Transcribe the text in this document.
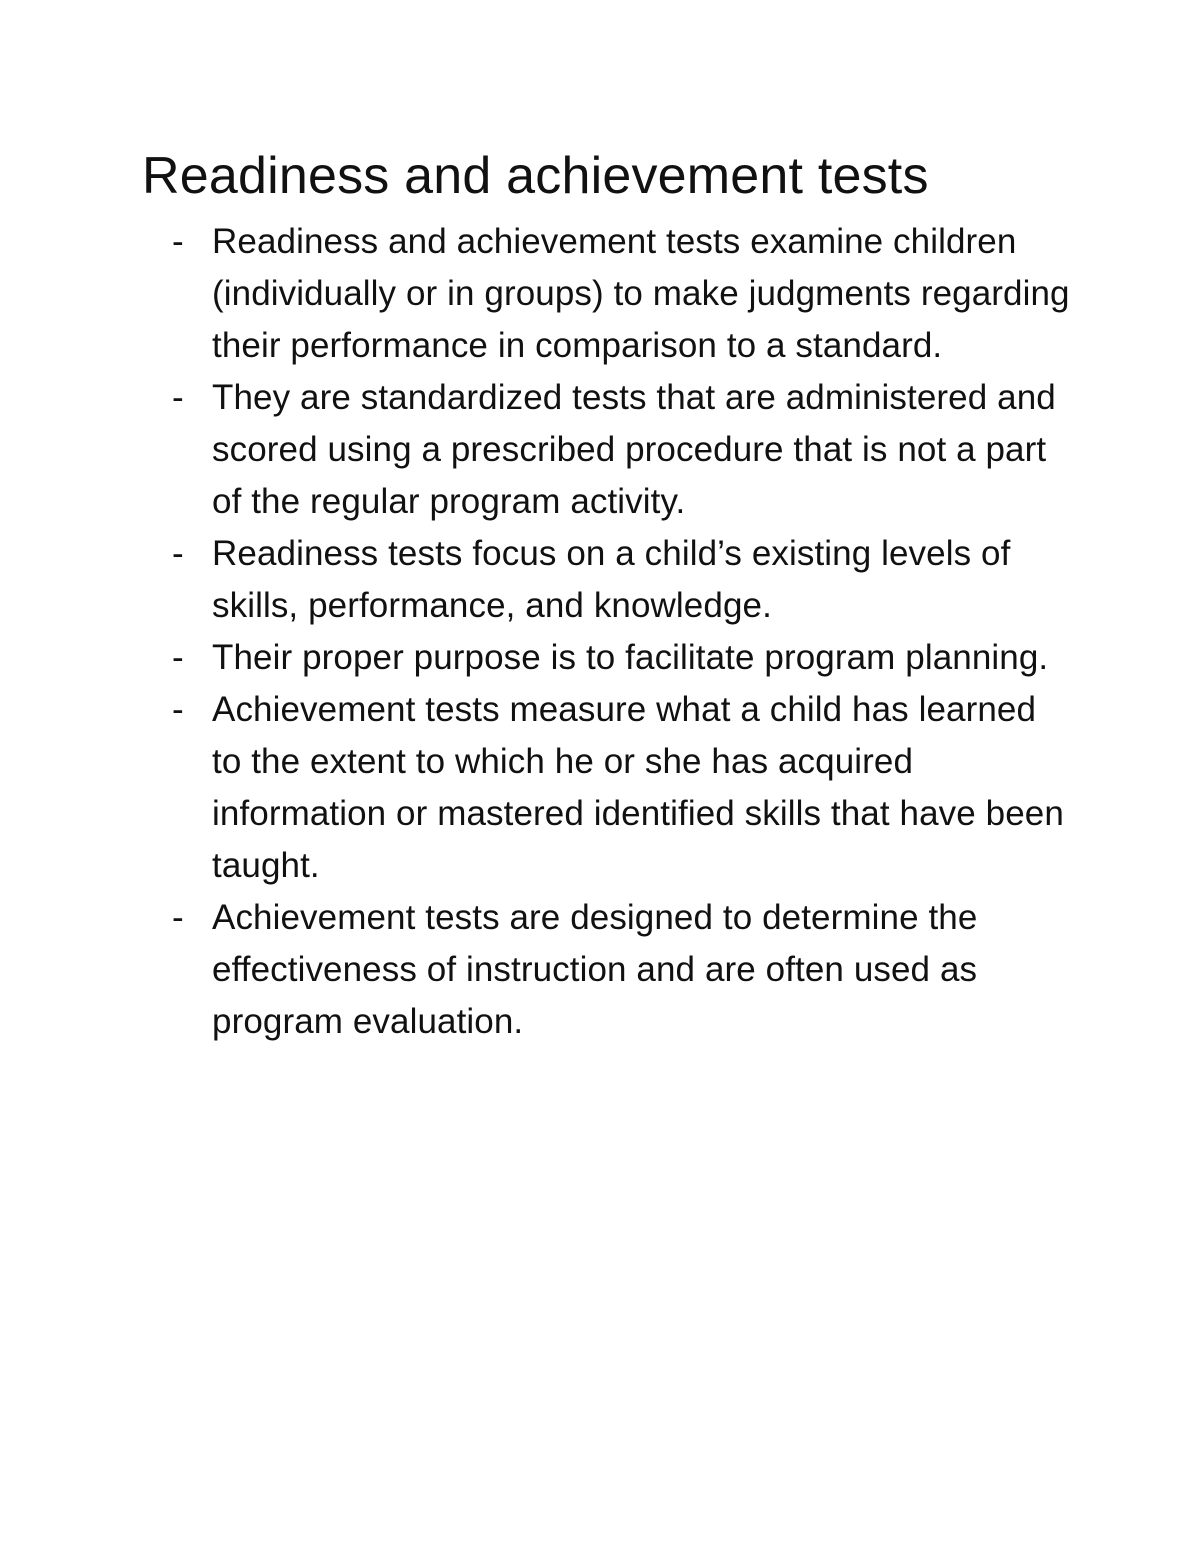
Readiness and achievement tests
- Readiness and achievement tests examine children (individually or in groups) to make judgments regarding their performance in comparison to a standard.
- They are standardized tests that are administered and scored using a prescribed procedure that is not a part of the regular program activity.
- Readiness tests focus on a child’s existing levels of skills, performance, and knowledge.
- Their proper purpose is to facilitate program planning.
- Achievement tests measure what a child has learned to the extent to which he or she has acquired information or mastered identified skills that have been taught.
- Achievement tests are designed to determine the effectiveness of instruction and are often used as program evaluation.
